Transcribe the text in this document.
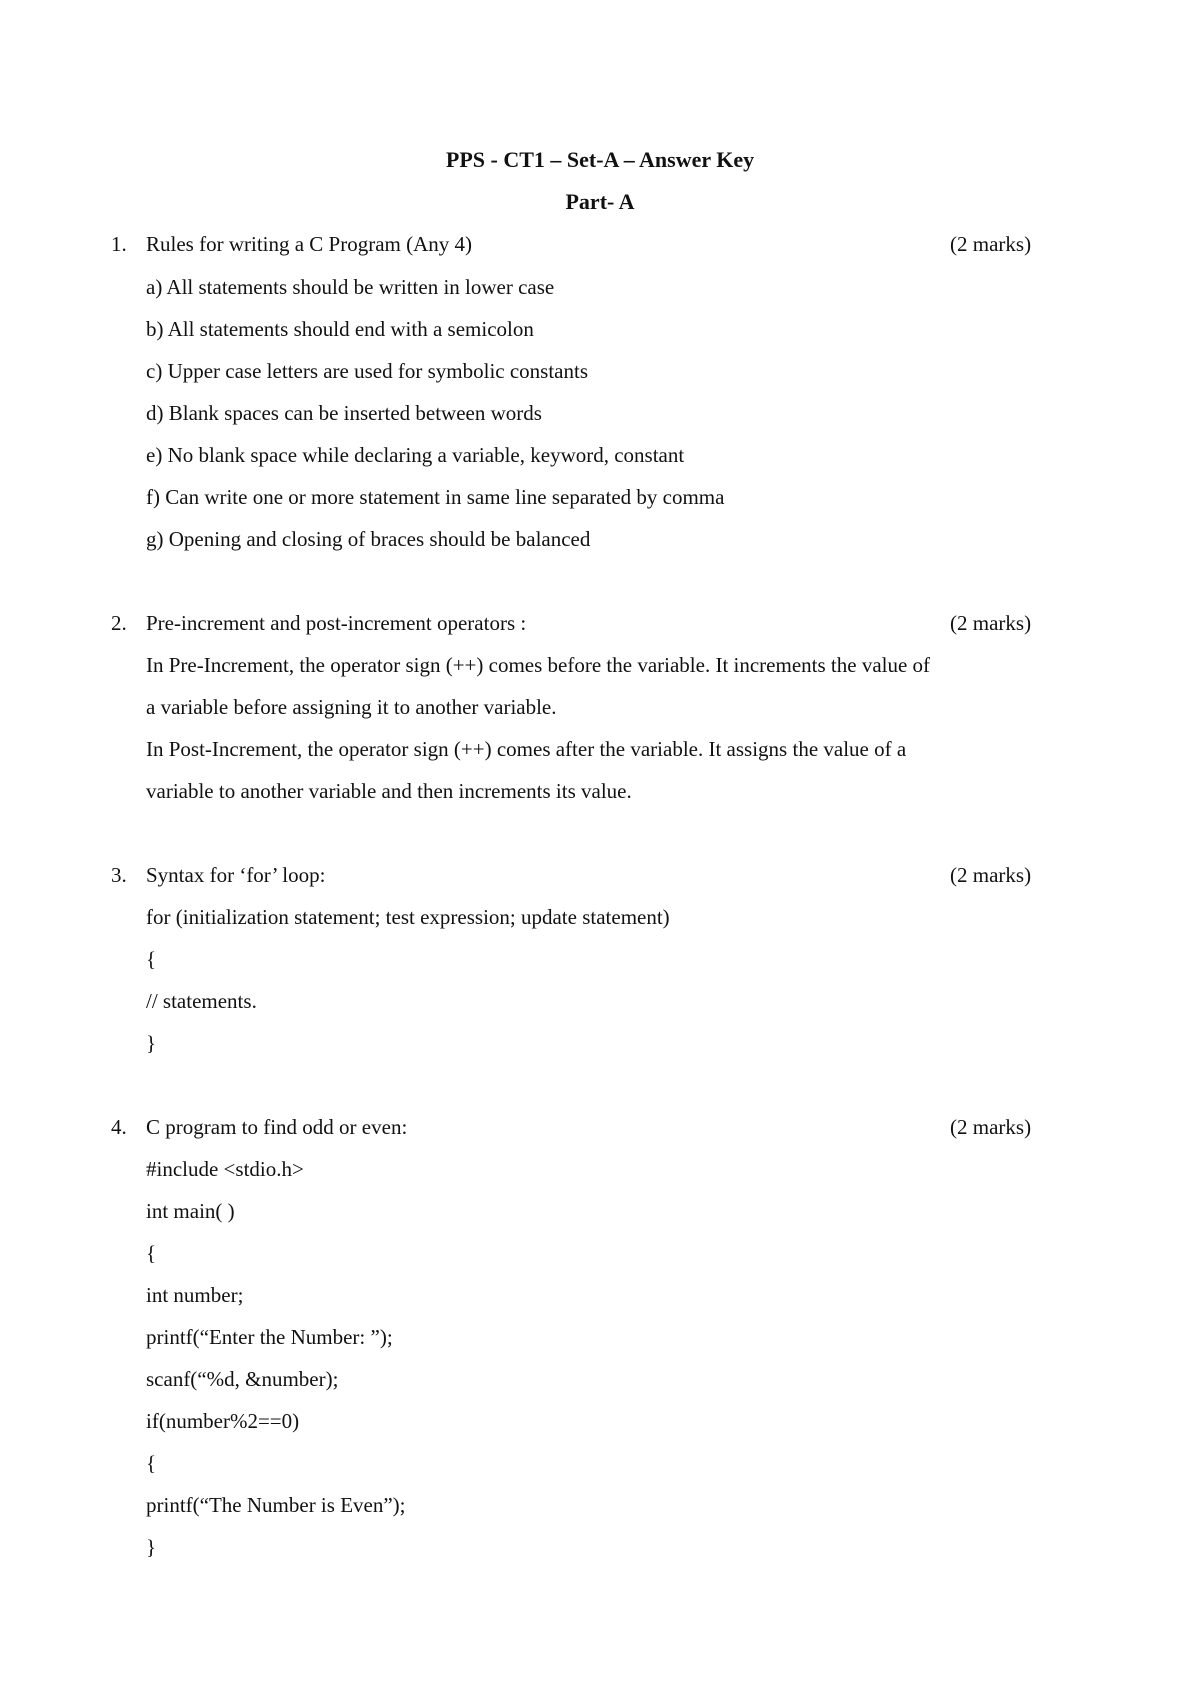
PPS - CT1 – Set-A – Answer Key
Part- A
1. Rules for writing a C Program (Any 4)	(2 marks)
a) All statements should be written in lower case
b) All statements should end with a semicolon
c) Upper case letters are used for symbolic constants
d) Blank spaces can be inserted between words
e) No blank space while declaring a variable, keyword, constant
f) Can write one or more statement in same line separated by comma
g) Opening and closing of braces should be balanced
2. Pre-increment and post-increment operators :	(2 marks)
In Pre-Increment, the operator sign (++) comes before the variable. It increments the value of
a variable before assigning it to another variable.
In Post-Increment, the operator sign (++) comes after the variable. It assigns the value of a
variable to another variable and then increments its value.
3. Syntax for ‘for’ loop:	(2 marks)
for (initialization statement; test expression; update statement)
{
// statements.
}
4. C program to find odd or even:	(2 marks)
#include <stdio.h>
int main( )
{
int number;
printf(“Enter the Number: ”);
scanf(“%d, &number);
if(number%2==0)
{
printf(“The Number is Even”);
}
